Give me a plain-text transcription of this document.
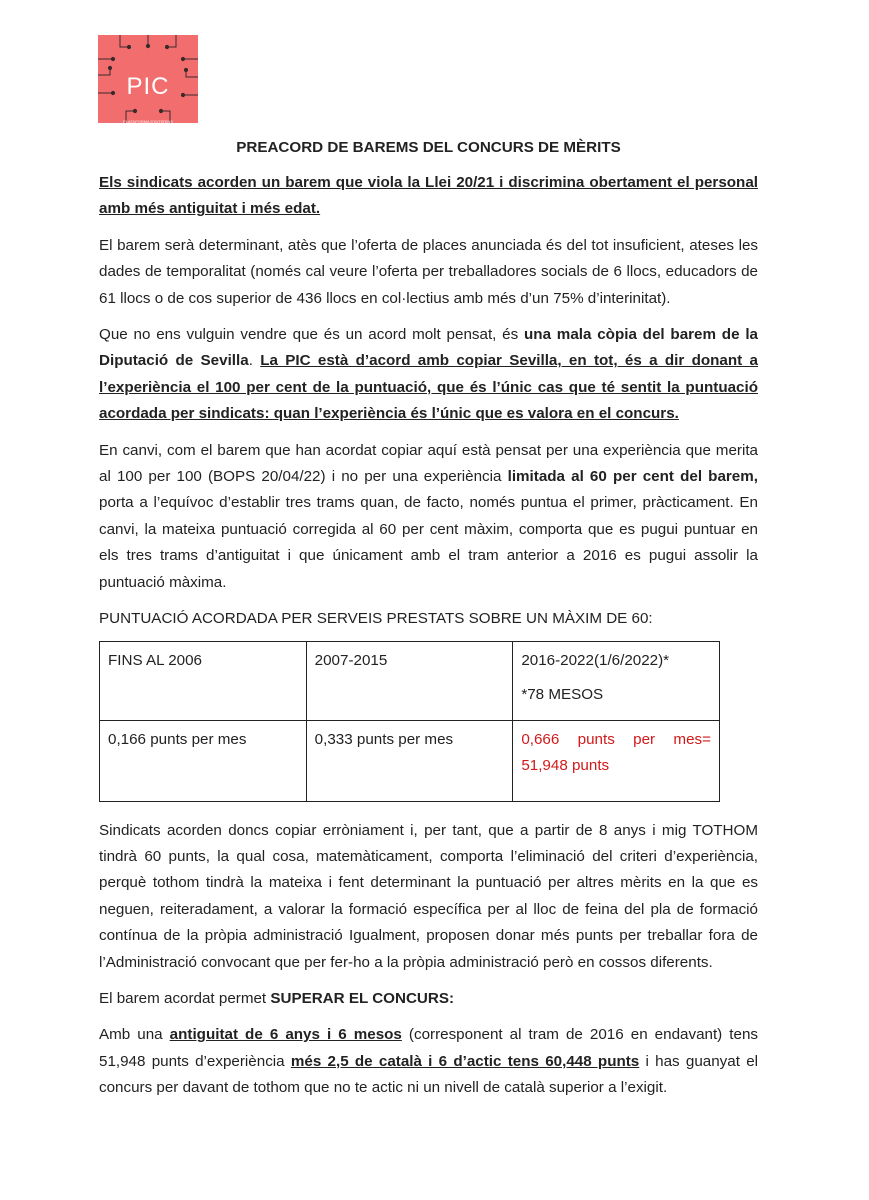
PIC
PLATAFORMA D'INTERINS
DE CATALUNYA
PREACORD DE BAREMS DEL CONCURS DE MÈRITS

Els sindicats acorden un barem que viola la Llei 20/21 i discrimina obertament el personal amb més antiguitat i més edat.

El barem serà determinant, atès que l’oferta de places anunciada és del tot insuficient, ateses les dades de temporalitat (només cal veure l’oferta per treballadores socials de 6 llocs, educadors de 61 llocs o de cos superior de 436 llocs en col·lectius amb més d’un 75% d’interinitat).

Que no ens vulguin vendre que és un acord molt pensat, és una mala còpia del barem de la Diputació de Sevilla. La PIC està d’acord amb copiar Sevilla, en tot, és a dir donant a l’experiència el 100 per cent de la puntuació, que és l’únic cas que té sentit la puntuació acordada per sindicats: quan l’experiència és l’únic que es valora en el concurs.

En canvi, com el barem que han acordat copiar aquí està pensat per una experiència que merita al 100 per 100 (BOPS 20/04/22) i no per una experiència limitada al 60 per cent del barem, porta a l’equívoc d’establir tres trams quan, de facto, només puntua el primer, pràcticament. En canvi, la mateixa puntuació corregida al 60 per cent màxim, comporta que es pugui puntuar en els tres trams d’antiguitat i que únicament amb el tram anterior a 2016 es pugui assolir la puntuació màxima.

PUNTUACIÓ ACORDADA PER SERVEIS PRESTATS SOBRE UN MÀXIM DE 60:

FINS AL 2006	2007-2015	2016-2022(1/6/2022)*
*78 MESOS

0,166 punts per mes	0,333 punts per mes	0,666 punts per mes=
51,948 punts

Sindicats acorden doncs copiar erròniament i, per tant, que a partir de 8 anys i mig TOTHOM tindrà 60 punts, la qual cosa, matemàticament, comporta l’eliminació del criteri d’experiència, perquè tothom tindrà la mateixa i fent determinant la puntuació per altres mèrits en la que es neguen, reiteradament, a valorar la formació específica per al lloc de feina del pla de formació contínua de la pròpia administració Igualment, proposen donar més punts per treballar fora de l’Administració convocant que per fer-ho a la pròpia administració però en cossos diferents.

El barem acordat permet SUPERAR EL CONCURS:

Amb una antiguitat de 6 anys i 6 mesos (corresponent al tram de 2016 en endavant) tens 51,948 punts d’experiència més 2,5 de català i 6 d’actic tens 60,448 punts i has guanyat el concurs per davant de tothom que no te actic ni un nivell de català superior a l’exigit.
